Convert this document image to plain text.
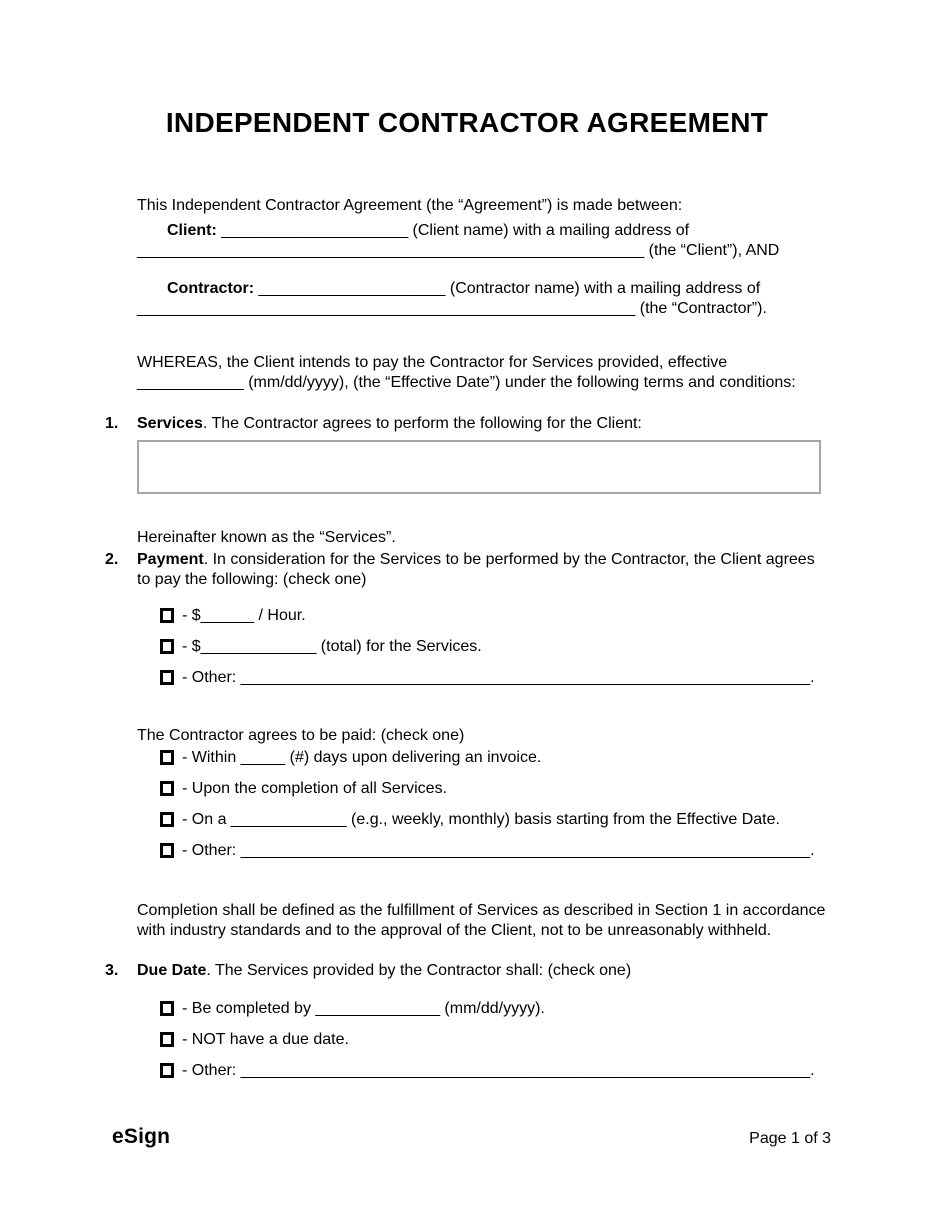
INDEPENDENT CONTRACTOR AGREEMENT

This Independent Contractor Agreement (the “Agreement”) is made between:

Client: _____________________ (Client name) with a mailing address of
_________________________________________________________ (the “Client”), AND
Contractor: _____________________ (Contractor name) with a mailing address of
________________________________________________________ (the “Contractor”).

WHEREAS, the Client intends to pay the Contractor for Services provided, effective ____________ (mm/dd/yyyy), (the “Effective Date”) under the following terms and conditions:

1.	Services. The Contractor agrees to perform the following for the Client:

Hereinafter known as the “Services”.

2.	Payment. In consideration for the Services to be performed by the Contractor, the Client agrees to pay the following: (check one)
- $______ / Hour.
- $_____________ (total) for the Services.
- Other: ________________________________________________________________.

The Contractor agrees to be paid: (check one)

- Within _____ (#) days upon delivering an invoice.
- Upon the completion of all Services.
- On a _____________ (e.g., weekly, monthly) basis starting from the Effective Date.
- Other: ________________________________________________________________.

Completion shall be defined as the fulfillment of Services as described in Section 1 in accordance with industry standards and to the approval of the Client, not to be unreasonably withheld.

3.	Due Date. The Services provided by the Contractor shall: (check one)
- Be completed by ______________ (mm/dd/yyyy).
- NOT have a due date.
- Other: ________________________________________________________________.
eSign	Page 1 of 3
